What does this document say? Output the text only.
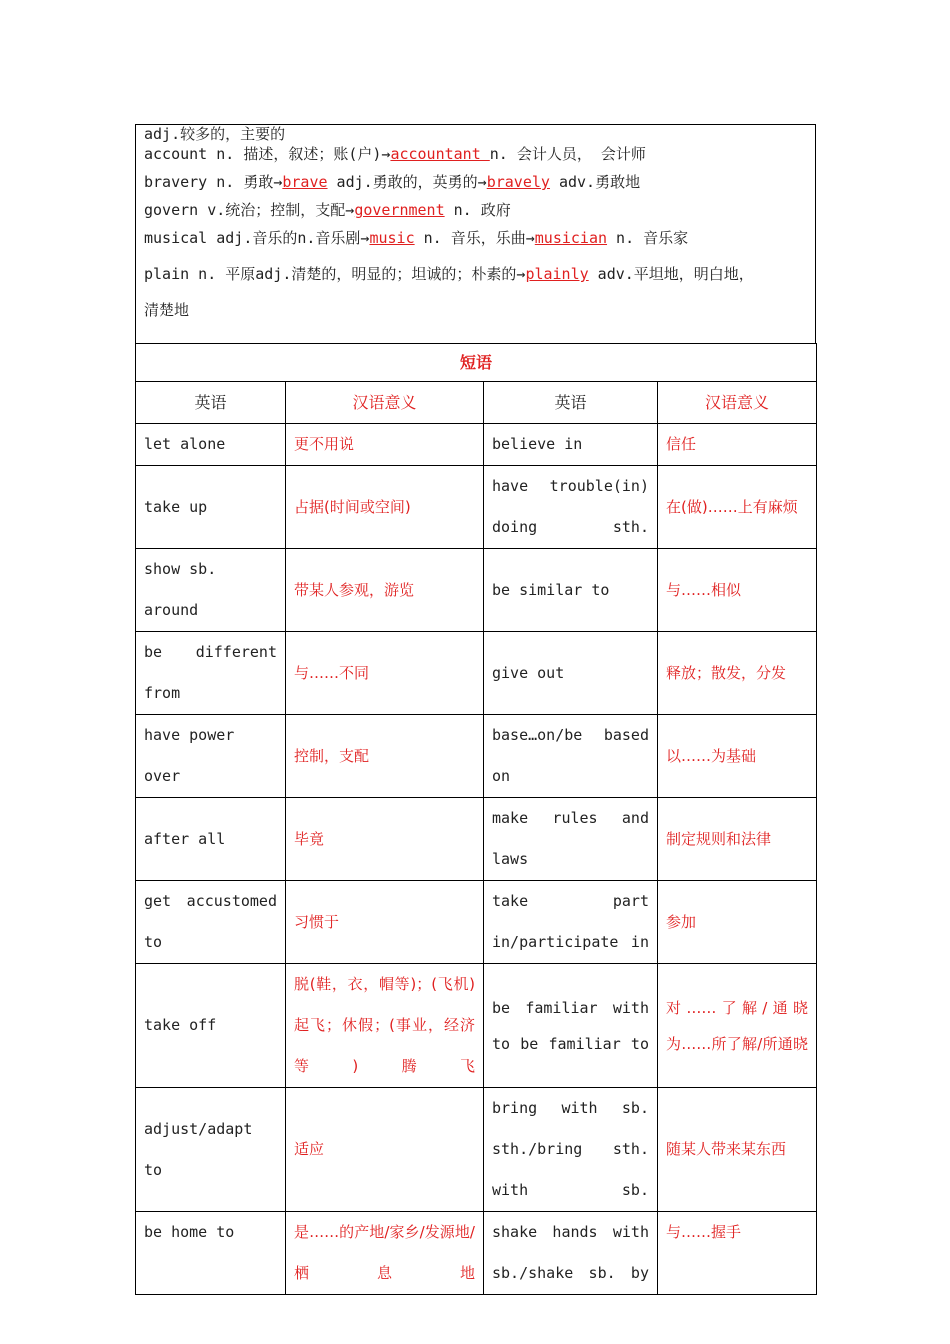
adj.较多的，主要的
account n. 描述，叙述；账(户)→accountant n. 会计人员， 会计师
bravery n. 勇敢→brave adj.勇敢的，英勇的→bravely adv.勇敢地
govern v.统治；控制，支配→government n. 政府
musical adj.音乐的n.音乐剧→music n. 音乐，乐曲→musician n. 音乐家
plain n. 平原adj.清楚的，明显的；坦诚的；朴素的→plainly adv.平坦地，明白地，
清楚地
短语			
英语	汉语意义	英语	汉语意义
let alone	更不用说	believe in	信任
take up	占据(时间或空间)	have trouble(in) doing sth.	在(做)……上有麻烦
show sb. around	带某人参观，游览	be similar to	与……相似
be different from	与……不同	give out	释放；散发，分发
have power over	控制，支配	base…on/be based on	以……为基础
after all	毕竟	make rules and laws	制定规则和法律
get accustomed to	习惯于	take part in/participate in	参加
take off	脱(鞋，衣，帽等)；(飞机)起飞；休假；(事业，经济等)腾飞	be familiar with to be familiar to	对……了解/通晓 为……所了解/所通晓
adjust/adapt to	适应	bring with sb. sth./bring sth. with sb.	随某人带来某东西
be home to	是……的产地/家乡/发源地/栖息地	shake hands with sb./shake sb. by	与……握手
